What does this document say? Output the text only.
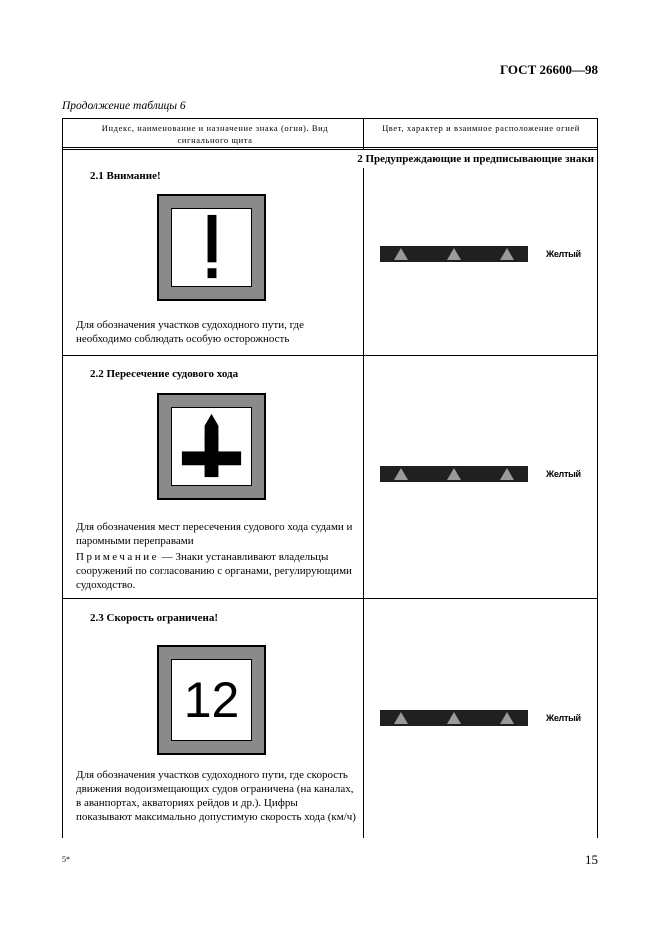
ГОСТ 26600—98
Продолжение таблицы 6
Индекс, наименование и назначение знака (огня). Вид сигнального щита
Цвет, характер и взаимное расположение огней
2 Предупреждающие и предписывающие знаки
2.1 Внимание!
Для обозначения участков судоходного пути, где необходимо соблюдать особую осторожность
Желтый
2.2 Пересечение судового хода
Для обозначения мест пересечения судового хода судами и паромными переправами
Примечание — Знаки устанавливают владельцы сооружений по согласованию с органами, регулирующими судоходство.
Желтый
2.3 Скорость ограничена!
12
Для обозначения участков судоходного пути, где скорость движения водоизмещающих судов ограничена (на каналах, в аванпортах, акваториях рейдов и др.). Цифры показывают максимально допустимую скорость хода (км/ч)
Желтый
5*	15
